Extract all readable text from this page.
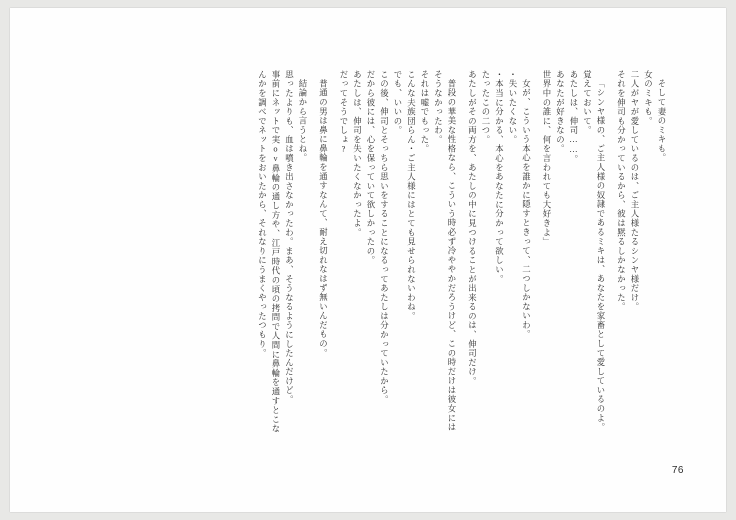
そして妻のミキも。
女のミキも。
二人がヤが愛しているのは、ご主人様たるシンヤ様だけ。
それを伸司も分かっているから、彼は黙るしかなかった。
「シンヤ様の、ご主人様の奴隷であるミキは、あなたを家畜として愛しているのよ。
覚えておいて。
あたしは、伸司……。
あなたが好きなの。
世界中の誰に、何を言われても大好きよ」
女が、こういう本心を誰かに隠すときって、二つしかないわ。
・失いたくない。
・本当に分かる、本心をあなたに分かって欲しい。
たったこの二つ。
あたしがその両方を、あたしの中に見つけることが出来るのは、伸司だけ。
普段の華美な性格なら、こういう時必ず冷ややかだろうけど、この時だけは彼女には
そうなかったわ。
それは嘘でもった。
こんな夫族団らん・ご主人様にはとても見せられないわね。
でも、いいの。
この後、伸司とそっちら思いをすることになるってあたしは分かっていたから。
だから彼には、心を保っていて欲しかったの。
あたしは、伸司を失いたくなかったよ。
だってそうでしょ?
普通の男は鼻に鼻輪を通すなんて、耐え切れなはず無いんだもの。
結論から言うとね。
思ったよりも、血は噴き出さなかったわ。まあ、そうなるようにしたんだけど。
事前にネットで実ον鼻輪の通し方や、江戸時代の頃の拷問で人間に鼻輪を通すとこな
んかを調べでネットをおいたから、それなりにうまくやったつもり。
76
